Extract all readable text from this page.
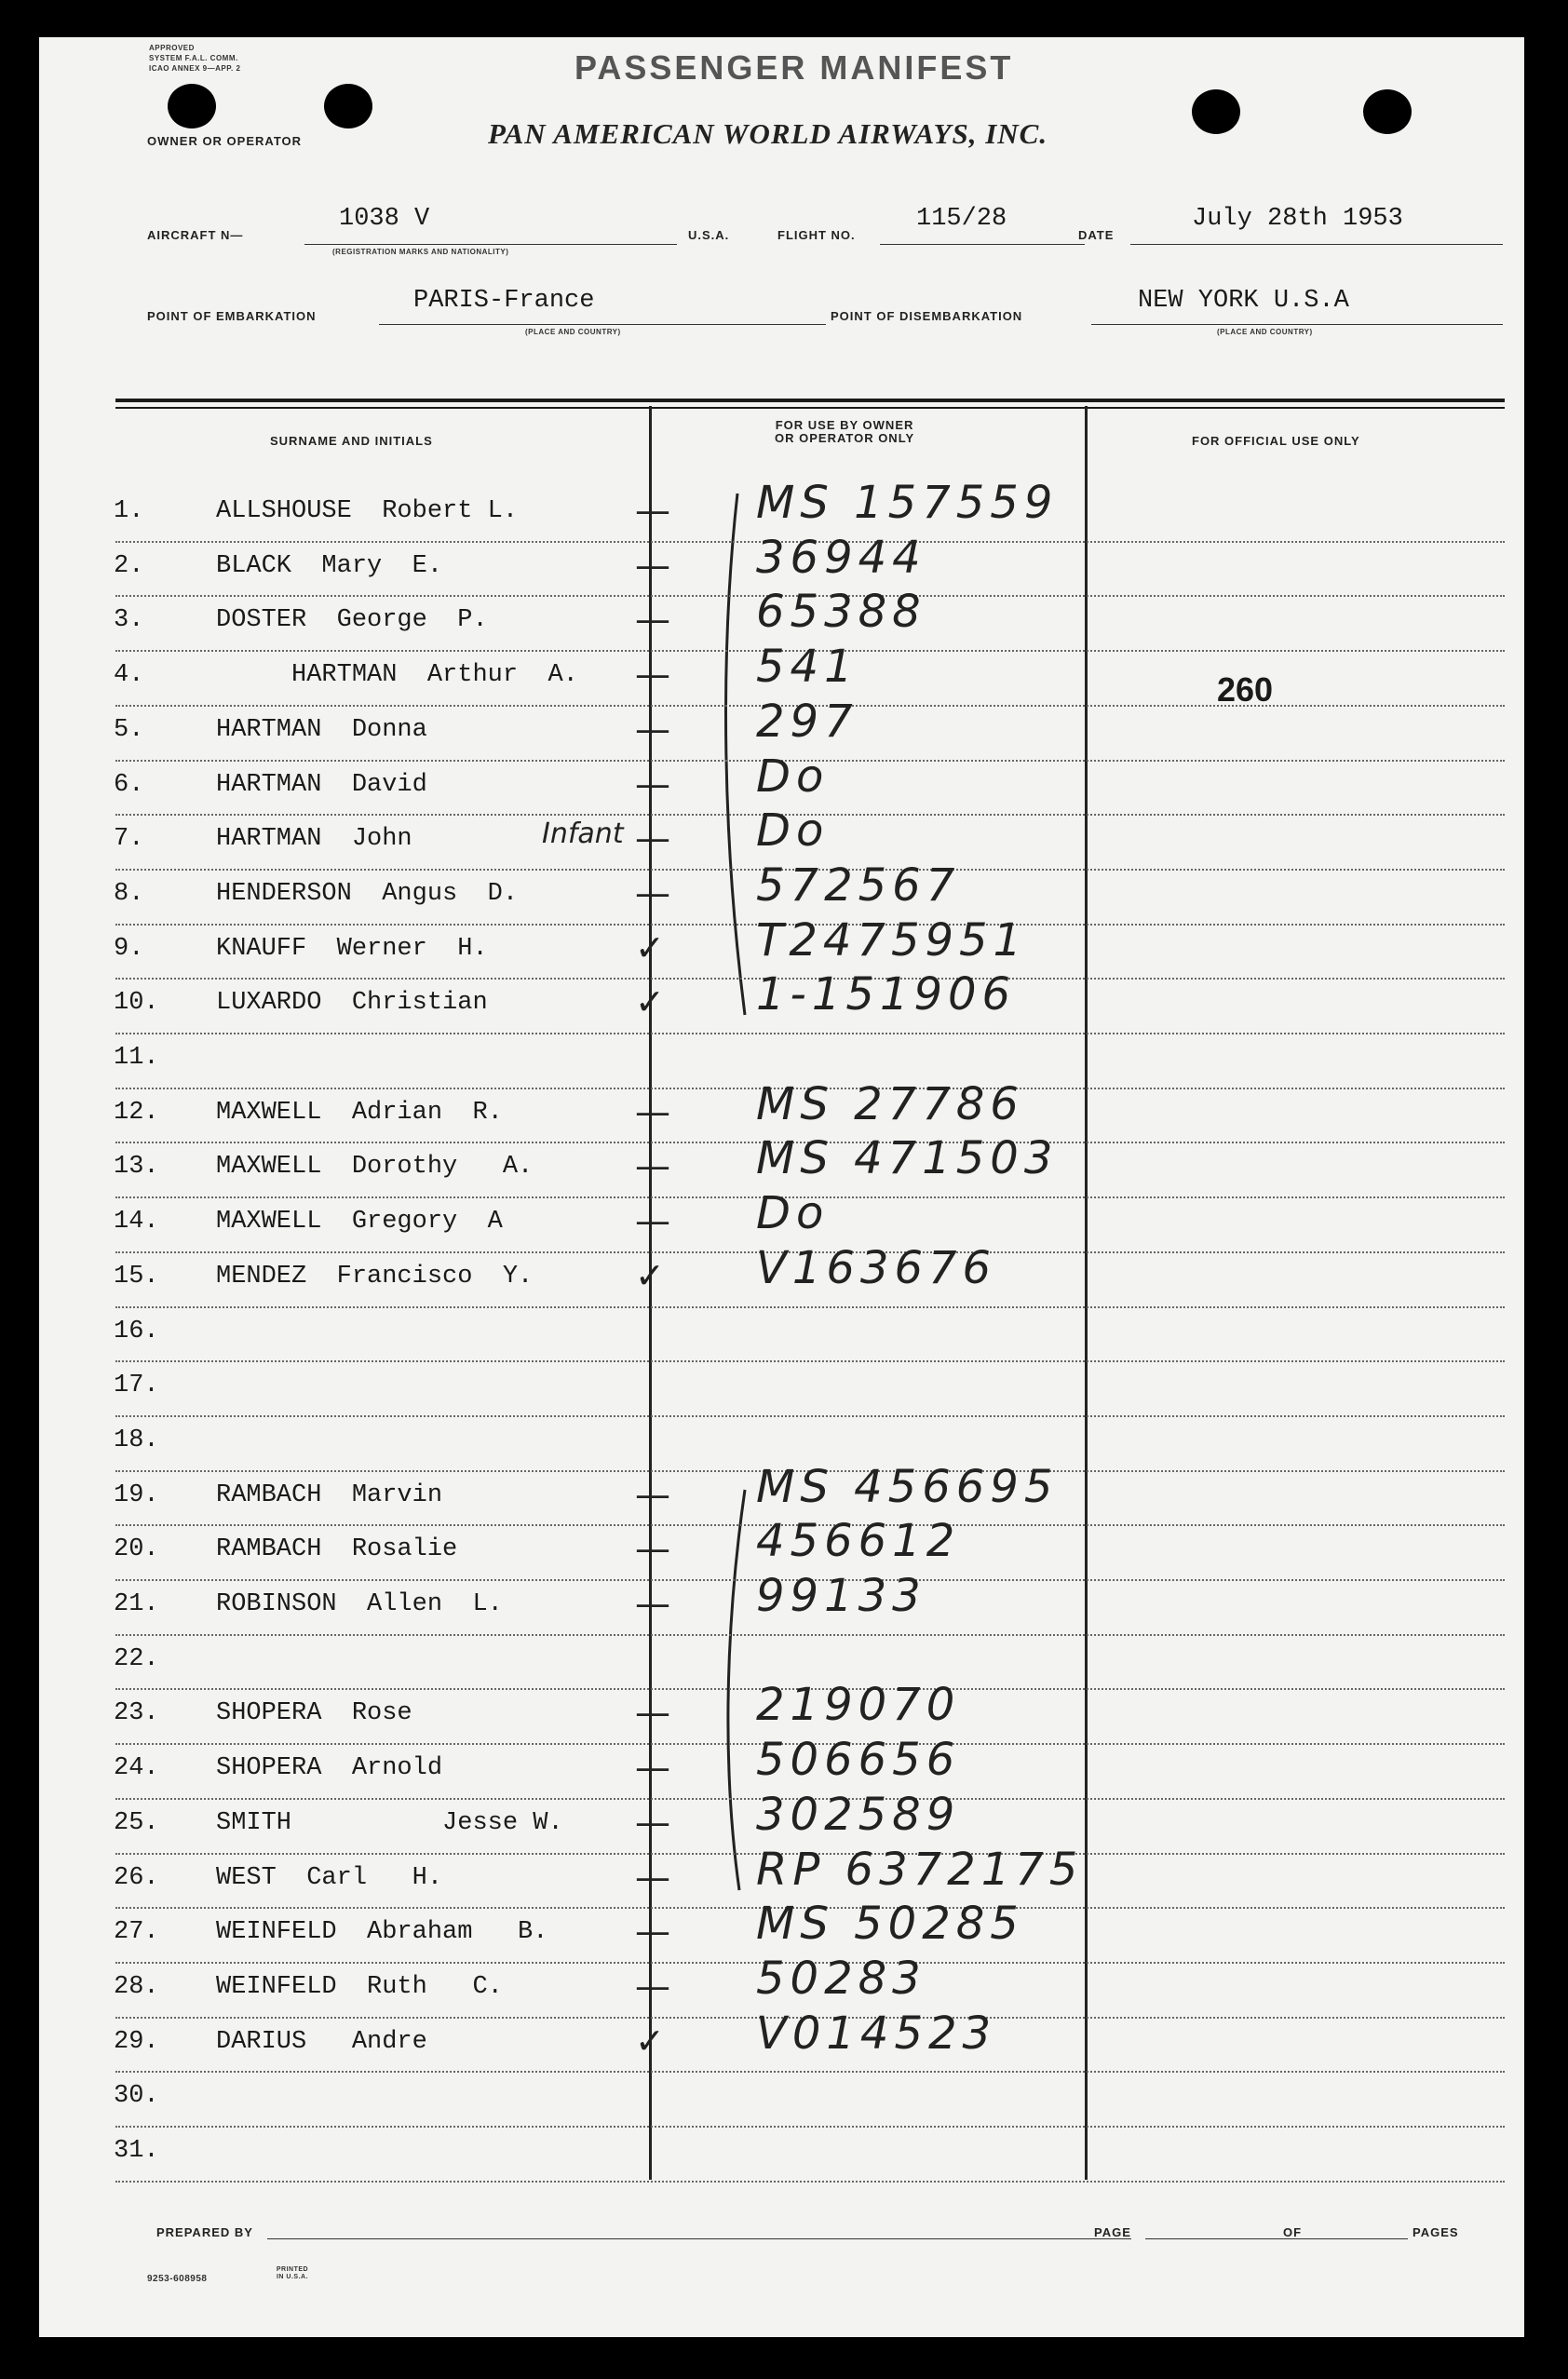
APPROVED
SYSTEM F.A.L. COMM.
ICAO ANNEX 9—APP. 2	PASSENGER MANIFEST
OWNER OR OPERATOR	PAN AMERICAN WORLD AIRWAYS, INC.
AIRCRAFT N—
1038 V
(REGISTRATION MARKS AND NATIONALITY)
U.S.A.	FLIGHT NO.
115/28
DATE
July 28th 1953
POINT OF EMBARKATION
PARIS-France
(PLACE AND COUNTRY)
POINT OF DISEMBARKATION
NEW YORK U.S.A
(PLACE AND COUNTRY)
SURNAME AND INITIALS
FOR USE BY OWNER
OR OPERATOR ONLY	FOR OFFICIAL USE ONLY
260
1.	ALLSHOUSE  Robert L.	— MS 157559
2.	BLACK  Mary  E.	— 36944
3.	DOSTER  George  P.	— 65388
4.	HARTMAN  Arthur  A. — 541
5.	HARTMAN  Donna	— 297
6.	HARTMAN  David	— Do
7.	HARTMAN  John	Infant — Do
8.	HENDERSON  Angus  D.	— 572567
9.	KNAUFF  Werner  H.	✓ T2475951
10. LUXARDO  Christian	✓ 1-151906
11.
12. MAXWELL  Adrian  R.	— MS 27786
13. MAXWELL  Dorothy   A.	— MS 471503
14. MAXWELL  Gregory  A	— Do
15. MENDEZ  Francisco  Y.	✓ V163676
16.
17.
18.
19. RAMBACH  Marvin	— MS 456695
20. RAMBACH  Rosalie	— 456612
21. ROBINSON  Allen  L.	— 99133
22.
23. SHOPERA  Rose	— 219070
24. SHOPERA  Arnold	— 506656
25. SMITH          Jesse W. — 302589
26. WEST  Carl   H.	— RP 6372175
27. WEINFELD  Abraham   B. — MS 50285
28. WEINFELD  Ruth   C.	— 50283
29. DARIUS   Andre	✓ V014523
30.
31.
PREPARED BY	PAGE	OF	PAGES
9253-608958
PRINTED IN U.S.A.
